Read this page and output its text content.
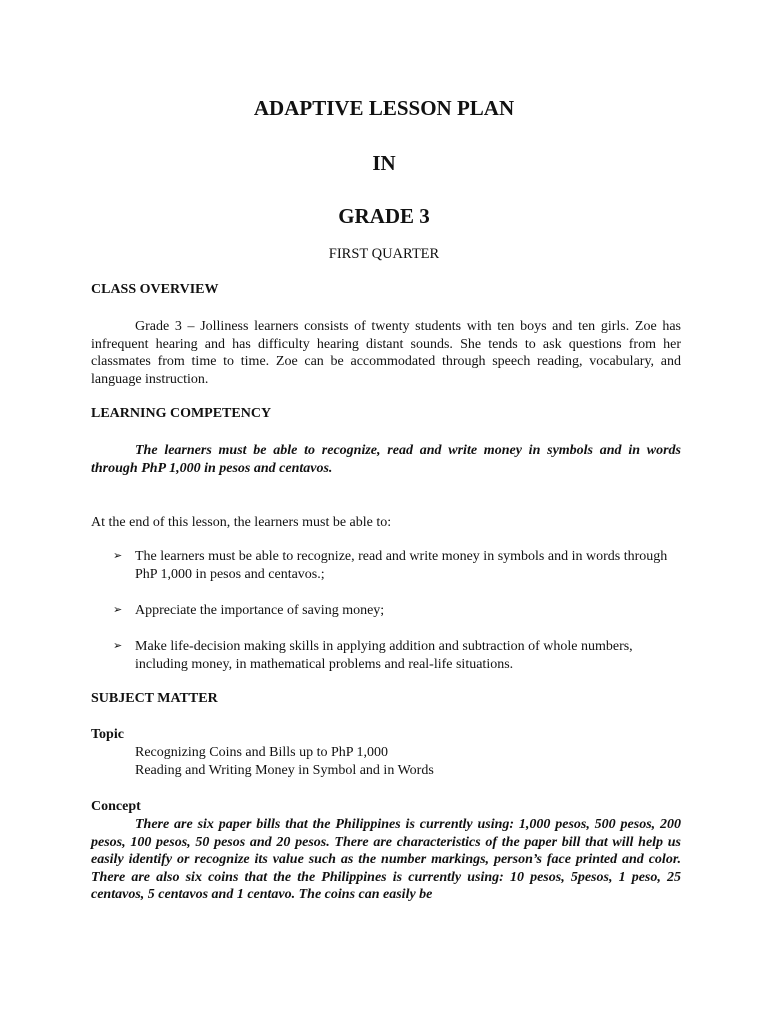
ADAPTIVE LESSON PLAN
IN
GRADE 3
FIRST QUARTER
CLASS OVERVIEW

Grade 3 – Jolliness learners consists of twenty students with ten boys and ten girls. Zoe has infrequent hearing and has difficulty hearing distant sounds. She tends to ask questions from her classmates from time to time. Zoe can be accommodated through speech reading, vocabulary, and language instruction.

LEARNING COMPETENCY

The learners must be able to recognize, read and write money in symbols and in words through PhP 1,000 in pesos and centavos.

At the end of this lesson, the learners must be able to:

➢ The learners must be able to recognize, read and write money in symbols and in words through PhP 1,000 in pesos and centavos.;
➢ Appreciate the importance of saving money;
➢ Make life-decision making skills in applying addition and subtraction of whole numbers, including money, in mathematical problems and real-life situations.
SUBJECT MATTER
Topic
Recognizing Coins and Bills up to PhP 1,000
Reading and Writing Money in Symbol and in Words
Concept

There are six paper bills that the Philippines is currently using: 1,000 pesos, 500 pesos, 200 pesos, 100 pesos, 50 pesos and 20 pesos. There are characteristics of the paper bill that will help us easily identify or recognize its value such as the number markings, person’s face printed and color. There are also six coins that the the Philippines is currently using: 10 pesos, 5pesos, 1 peso, 25 centavos, 5 centavos and 1 centavo. The coins can easily be
